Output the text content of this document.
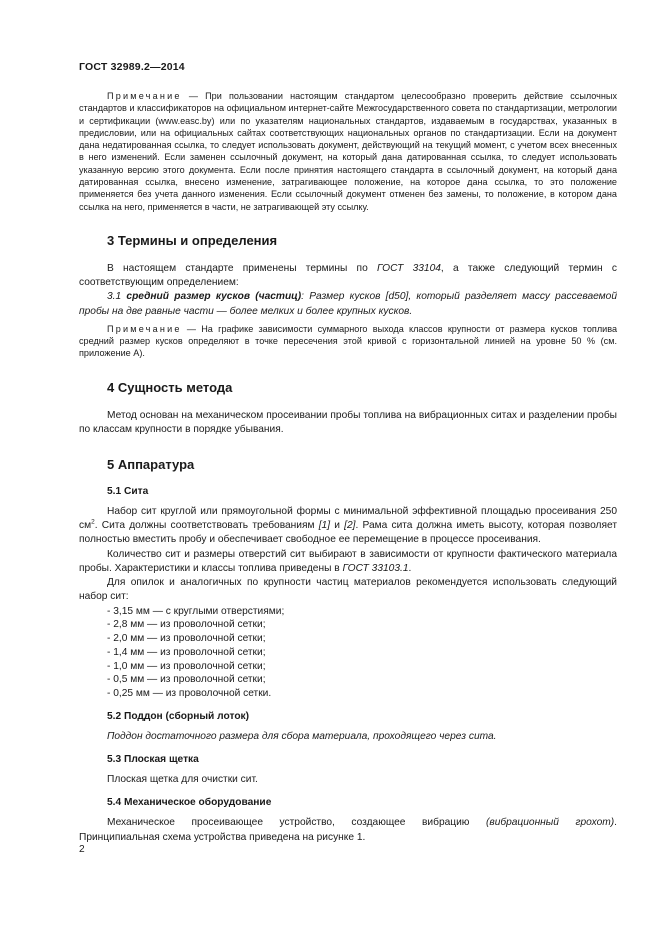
ГОСТ 32989.2—2014

Примечание — При пользовании настоящим стандартом целесообразно проверить действие ссылочных стандартов и классификаторов на официальном интернет-сайте Межгосударственного совета по стандартизации, метрологии и сертификации (www.easc.by) или по указателям национальных стандартов, издаваемым в государствах, указанных в предисловии, или на официальных сайтах соответствующих национальных органов по стандартизации. Если на документ дана недатированная ссылка, то следует использовать документ, действующий на текущий момент, с учетом всех внесенных в него изменений. Если заменен ссылочный документ, на который дана датированная ссылка, то следует использовать указанную версию этого документа. Если после принятия настоящего стандарта в ссылочный документ, на который дана датированная ссылка, внесено изменение, затрагивающее положение, на которое дана ссылка, то это положение применяется без учета данного изменения. Если ссылочный документ отменен без замены, то положение, в котором дана ссылка на него, применяется в части, не затрагивающей эту ссылку.

3 Термины и определения

В настоящем стандарте применены термины по ГОСТ 33104, а также следующий термин с соответствующим определением:

3.1 средний размер кусков (частиц): Размер кусков [d50], который разделяет массу рассеваемой пробы на две равные части — более мелких и более крупных кусков.

Примечание — На графике зависимости суммарного выхода классов крупности от размера кусков топлива средний размер кусков определяют в точке пересечения этой кривой с горизонтальной линией на уровне 50 % (см. приложение А).

4 Сущность метода

Метод основан на механическом просеивании пробы топлива на вибрационных ситах и разделении пробы по классам крупности в порядке убывания.

5 Аппаратура
5.1 Сита

Набор сит круглой или прямоугольной формы с минимальной эффективной площадью просеивания 250 $см^2$. Сита должны соответствовать требованиям [1] и [2]. Рама сита должна иметь высоту, которая позволяет полностью вместить пробу и обеспечивает свободное ее перемещение в процессе просеивания.

Количество сит и размеры отверстий сит выбирают в зависимости от крупности фактического материала пробы. Характеристики и классы топлива приведены в ГОСТ 33103.1.

Для опилок и аналогичных по крупности частиц материалов рекомендуется использовать следующий набор сит:

- 3,15 мм — с круглыми отверстиями;
- 2,8 мм — из проволочной сетки;
- 2,0 мм — из проволочной сетки;
- 1,4 мм — из проволочной сетки;
- 1,0 мм — из проволочной сетки;
- 0,5 мм — из проволочной сетки;
- 0,25 мм — из проволочной сетки.
5.2 Поддон (сборный лоток)

Поддон достаточного размера для сбора материала, проходящего через сита.

5.3 Плоская щетка

Плоская щетка для очистки сит.

5.4 Механическое оборудование

Механическое просеивающее устройство, создающее вибрацию (вибрационный грохот). Принципиальная схема устройства приведена на рисунке 1.

2
